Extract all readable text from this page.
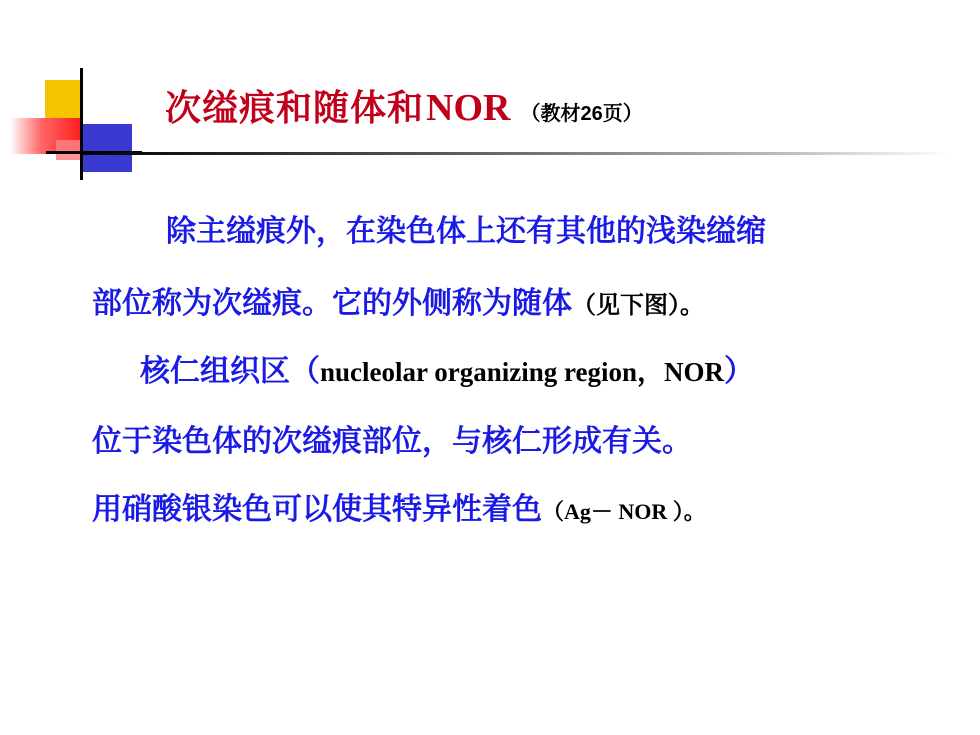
次缢痕和随体和 NOR （教材26页）
除主缢痕外，在染色体上还有其他的浅染缢缩
部位称为次缢痕。它的外侧称为随体（见下图）。
核仁组织区（nucleolar organizing region，NOR）
位于染色体的次缢痕部位，与核仁形成有关。
用硝酸银染色可以使其特异性着色（Ag－ NOR ）。
